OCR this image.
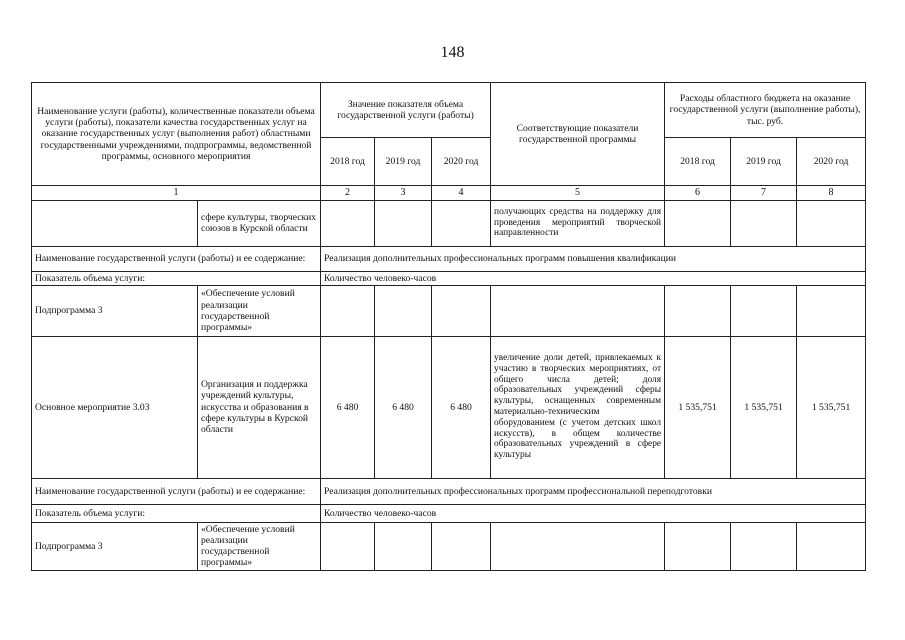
148
Наименование услуги (работы), количественные показатели объема услуги (работы), показатели качества государственных услуг на оказание государственных услуг (выполнения работ) областными государственными учреждениями, подпрограммы, ведомственной программы, основного мероприятия		Значение показателя объема государственной услуги (работы)			Соответствующие показатели государственной программы	Расходы областного бюджета на оказание государственной услуги (выполнение работы), тыс. руб.		
		2018 год	2019 год	2020 год		2018 год	2019 год	2020 год
1		2	3	4	5	6	7	8
	сфере культуры, творческих союзов в Курской области				получающих средства на поддержку для проведения мероприятий творческой направленности			
Наименование государственной услуги (работы) и ее содержание:		Реализация дополнительных профессиональных программ повышения квалификации						
Показатель объема услуги:		Количество человеко-часов						
Подпрограмма 3	«Обеспечение условий реализации государственной программы»							
Основное мероприятие 3.03	Организация и поддержка учреждений культуры, искусства и образования в сфере культуры в Курской области	6 480	6 480	6 480	увеличение доли детей, привлекаемых к участию в творческих мероприятиях, от общего числа детей; доля образовательных учреждений сферы культуры, оснащенных современным материально-техническим оборудованием (с учетом детских школ искусств), в общем количестве образовательных учреждений в сфере культуры	1 535,751	1 535,751	1 535,751
Наименование государственной услуги (работы) и ее содержание:		Реализация дополнительных профессиональных программ профессиональной переподготовки						
Показатель объема услуги:		Количество человеко-часов						
Подпрограмма 3	«Обеспечение условий реализации государственной программы»							
